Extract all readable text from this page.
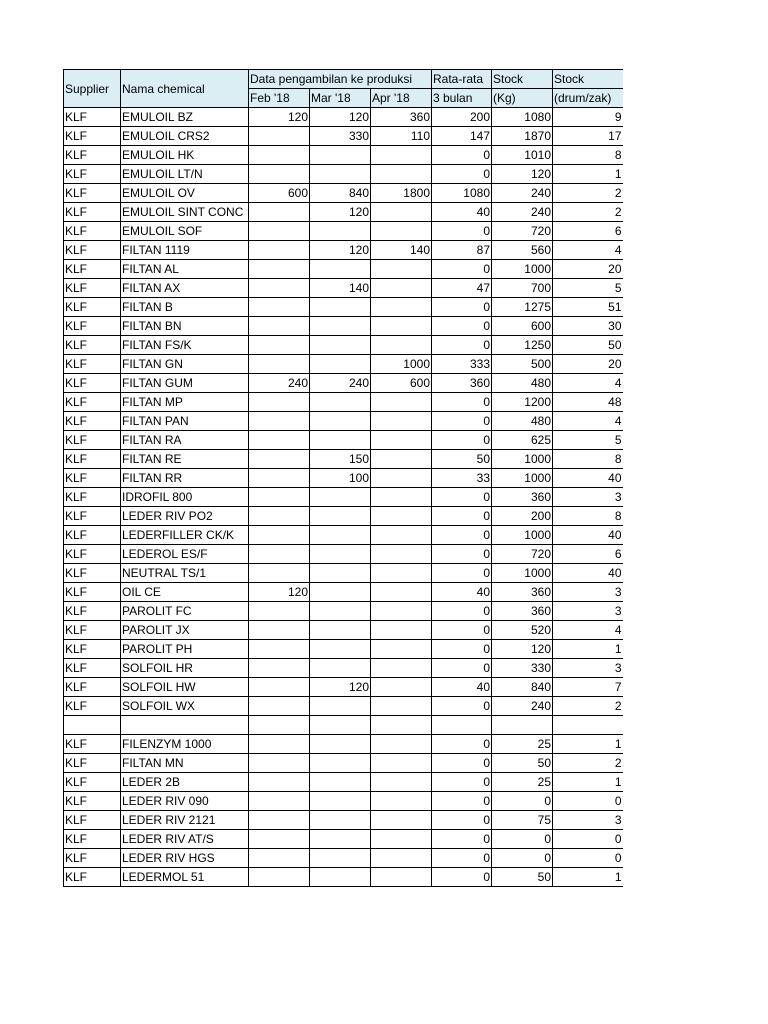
Supplier	Nama chemical	Data pengambilan ke produksi			Rata-rata	Stock	Stock
		Feb '18	Mar '18	Apr '18	3 bulan	(Kg)	(drum/zak)
KLF	EMULOIL BZ	120	120	360	200	1080	9
KLF	EMULOIL CRS2		330	110	147	1870	17
KLF	EMULOIL HK				0	1010	8
KLF	EMULOIL LT/N				0	120	1
KLF	EMULOIL OV	600	840	1800	1080	240	2
KLF	EMULOIL SINT CONC		120		40	240	2
KLF	EMULOIL SOF				0	720	6
KLF	FILTAN 1119		120	140	87	560	4
KLF	FILTAN AL				0	1000	20
KLF	FILTAN AX		140		47	700	5
KLF	FILTAN B				0	1275	51
KLF	FILTAN BN				0	600	30
KLF	FILTAN FS/K				0	1250	50
KLF	FILTAN GN			1000	333	500	20
KLF	FILTAN GUM	240	240	600	360	480	4
KLF	FILTAN MP				0	1200	48
KLF	FILTAN PAN				0	480	4
KLF	FILTAN RA				0	625	5
KLF	FILTAN RE		150		50	1000	8
KLF	FILTAN RR		100		33	1000	40
KLF	IDROFIL 800				0	360	3
KLF	LEDER RIV PO2				0	200	8
KLF	LEDERFILLER CK/K				0	1000	40
KLF	LEDEROL ES/F				0	720	6
KLF	NEUTRAL TS/1				0	1000	40
KLF	OIL CE	120			40	360	3
KLF	PAROLIT FC				0	360	3
KLF	PAROLIT JX				0	520	4
KLF	PAROLIT PH				0	120	1
KLF	SOLFOIL HR				0	330	3
KLF	SOLFOIL HW		120		40	840	7
KLF	SOLFOIL WX				0	240	2

KLF	FILENZYM 1000				0	25	1
KLF	FILTAN MN				0	50	2
KLF	LEDER 2B				0	25	1
KLF	LEDER RIV 090				0	0	0
KLF	LEDER RIV 2121				0	75	3
KLF	LEDER RIV AT/S				0	0	0
KLF	LEDER RIV HGS				0	0	0
KLF	LEDERMOL 51				0	50	1
